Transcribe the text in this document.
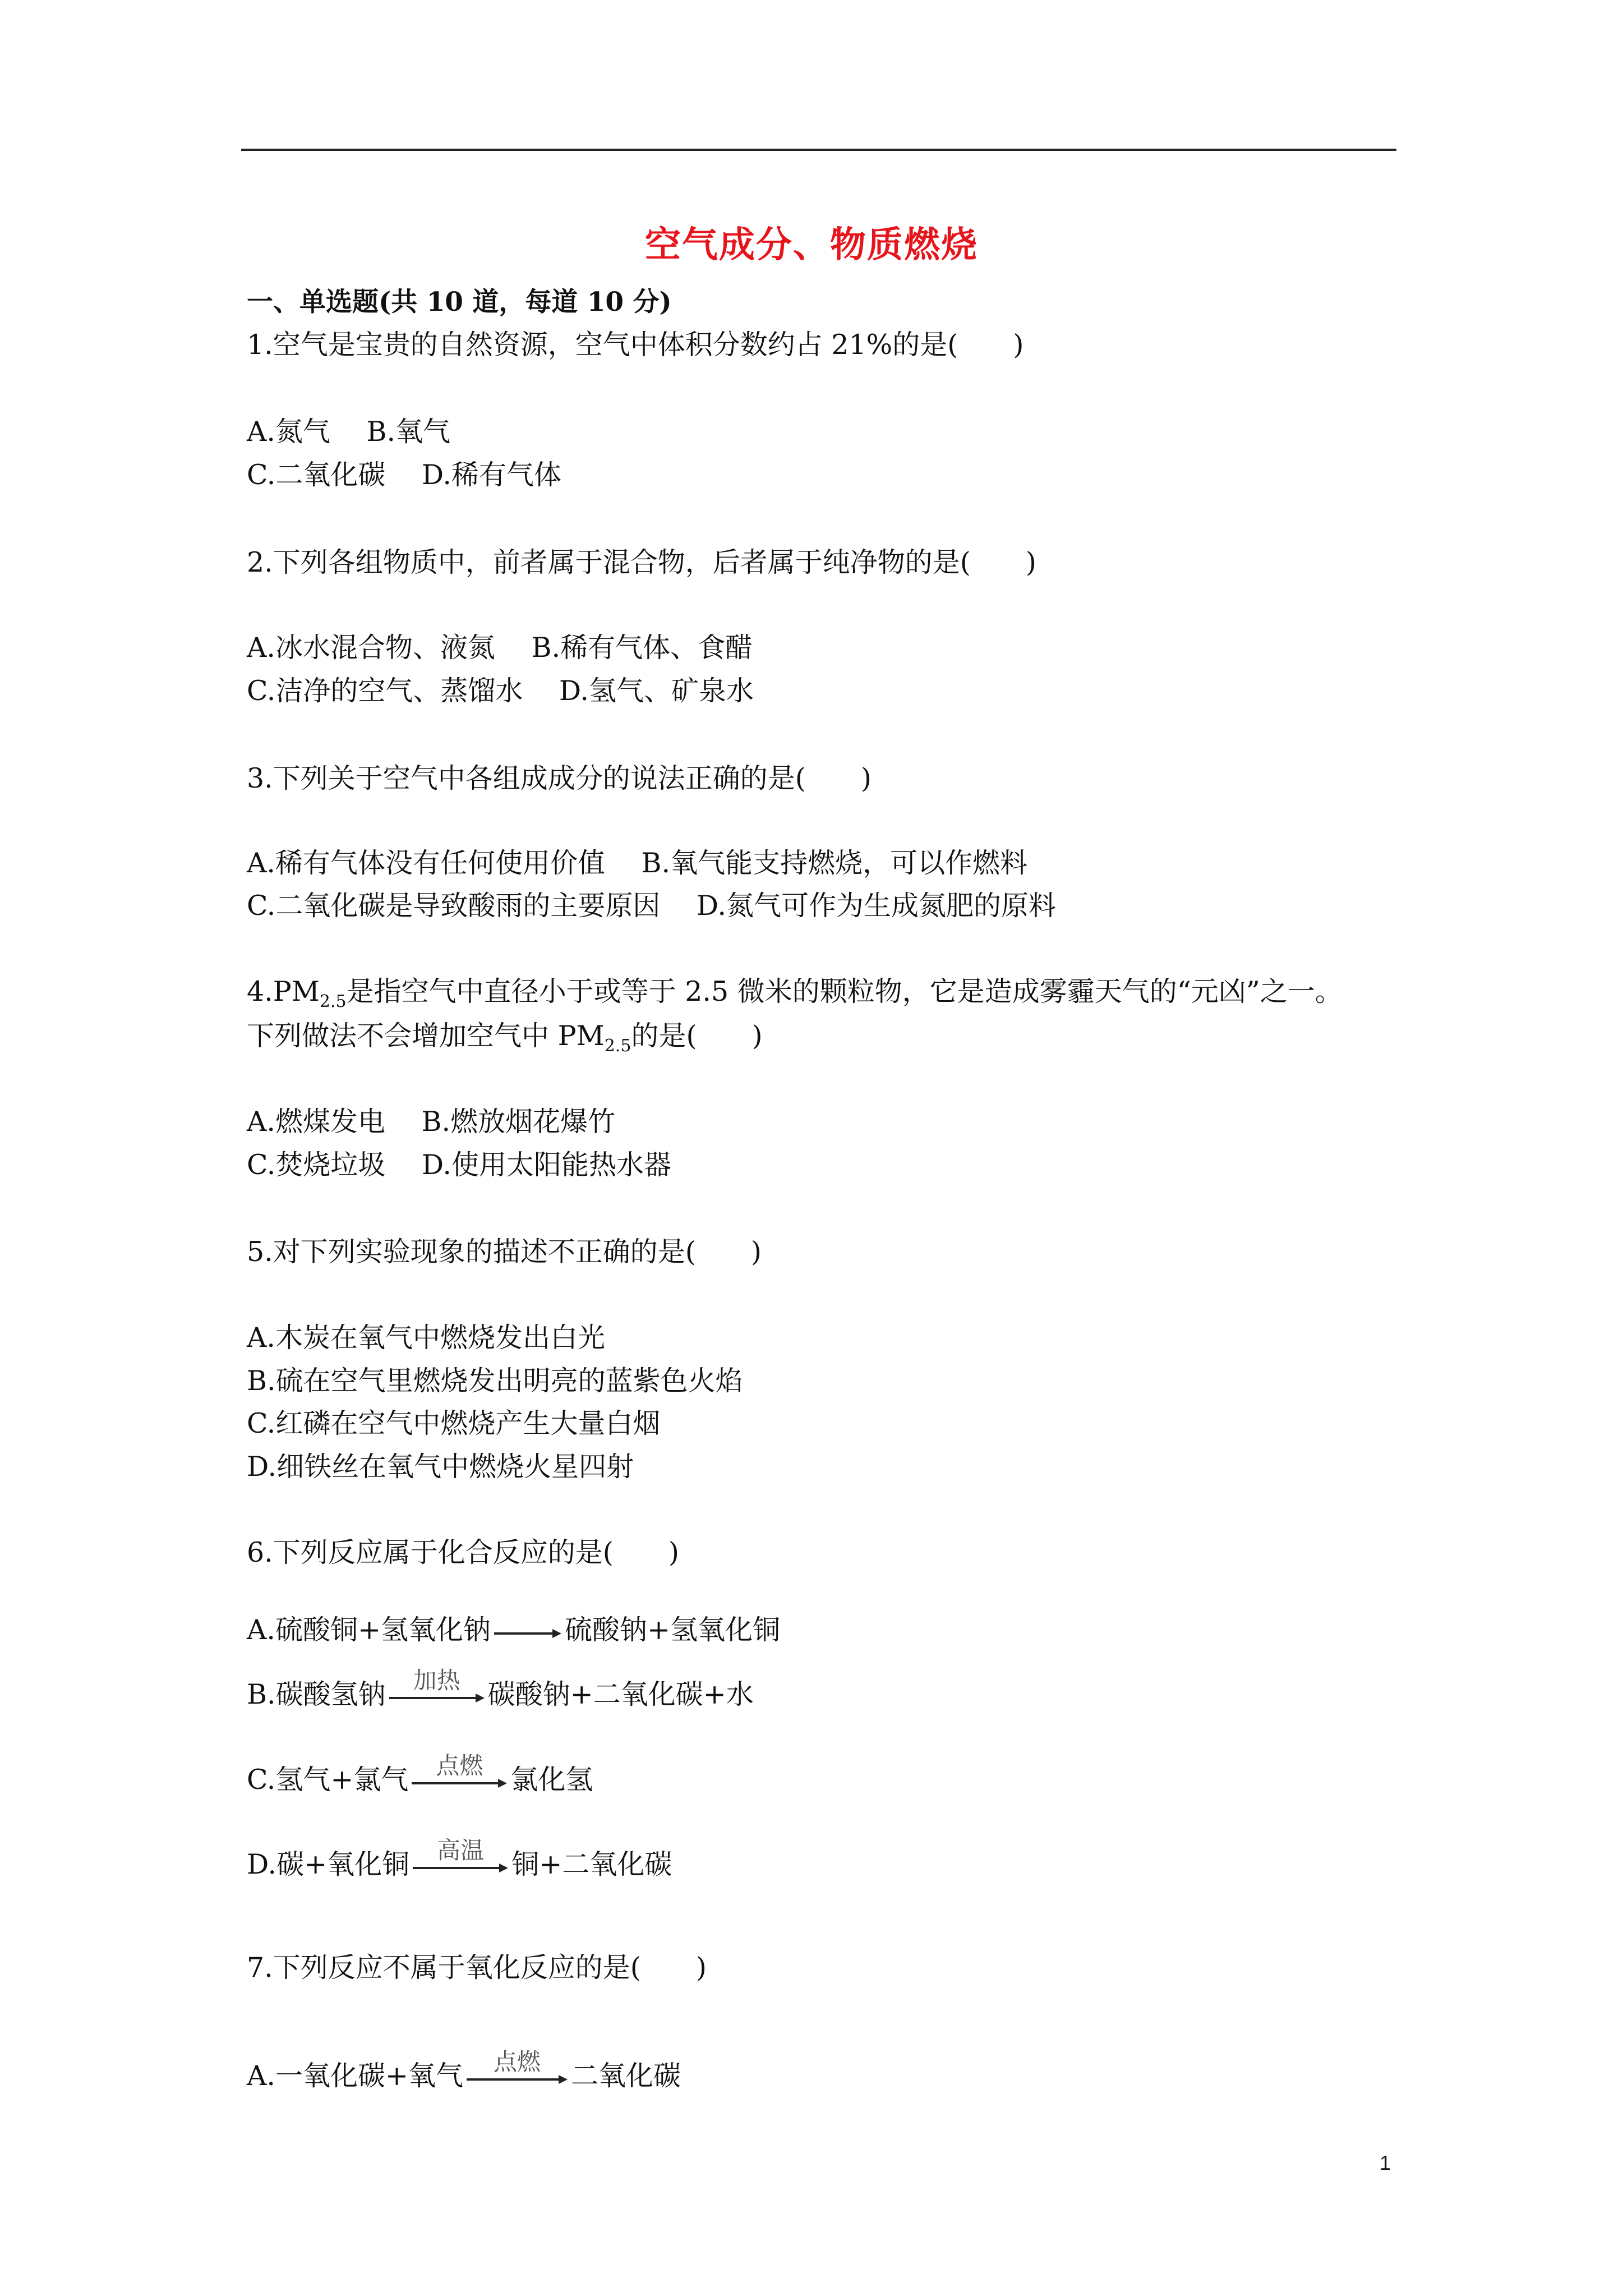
空气成分、物质燃烧
一、单选题(共 10 道，每道 10 分)
1.空气是宝贵的自然资源，空气中体积分数约占 21%的是(　　)
A.氮气　 B.氧气
C.二氧化碳　 D.稀有气体
2.下列各组物质中，前者属于混合物，后者属于纯净物的是(　　)
A.冰水混合物、液氮　 B.稀有气体、食醋
C.洁净的空气、蒸馏水　 D.氢气、矿泉水
3.下列关于空气中各组成成分的说法正确的是(　　)
A.稀有气体没有任何使用价值　 B.氧气能支持燃烧，可以作燃料
C.二氧化碳是导致酸雨的主要原因　 D.氮气可作为生成氮肥的原料
$4.PM_{2.5}$是指空气中直径小于或等于 2.5 微米的颗粒物，它是造成雾霾天气的“元凶”之一。
下列做法不会增加空气中 $PM_{2.5}$的是(　　)
A.燃煤发电　 B.燃放烟花爆竹
C.焚烧垃圾　 D.使用太阳能热水器
5.对下列实验现象的描述不正确的是(　　)
A.木炭在氧气中燃烧发出白光
B.硫在空气里燃烧发出明亮的蓝紫色火焰
C.红磷在空气中燃烧产生大量白烟
D.细铁丝在氧气中燃烧火星四射
6.下列反应属于化合反应的是(　　)
A.硫酸铜+氢氧化钠 → 硫酸钠+氢氧化铜
B.碳酸氢钠	加热	碳酸钠+二氧化碳+水
C.氢气+氯气	点燃	氯化氢
D.碳+氧化铜	高温	铜+二氧化碳
7.下列反应不属于氧化反应的是(　　)
A.一氧化碳+氧气	点燃	二氧化碳
1
